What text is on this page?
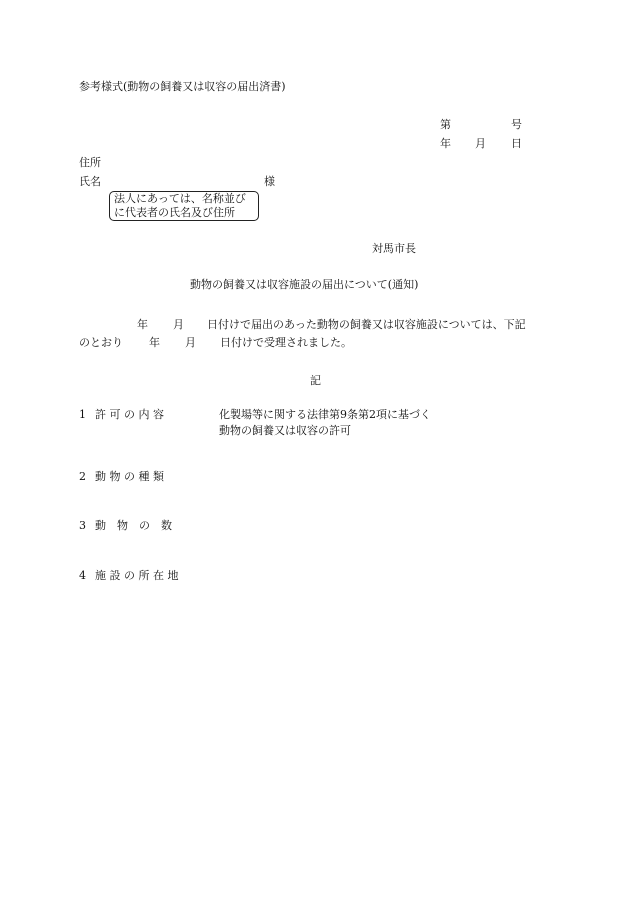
参考様式(動物の飼養又は収容の届出済書)
第	号
年 月 日
住所
氏名	様
法人にあっては、名称並び
に代表者の氏名及び住所
対馬市長
動物の飼養又は収容施設の届出について(通知)
年 月 日付けで届出のあった動物の飼養又は収容施設については、下記
のとおり 年 月 日付けで受理されました。
記
1 許 可 の 内 容	化製場等に関する法律第9条第2項に基づく
動物の飼養又は収容の許可
2 動 物 の 種 類
3 動　物　の　数
4 施 設 の 所 在 地
